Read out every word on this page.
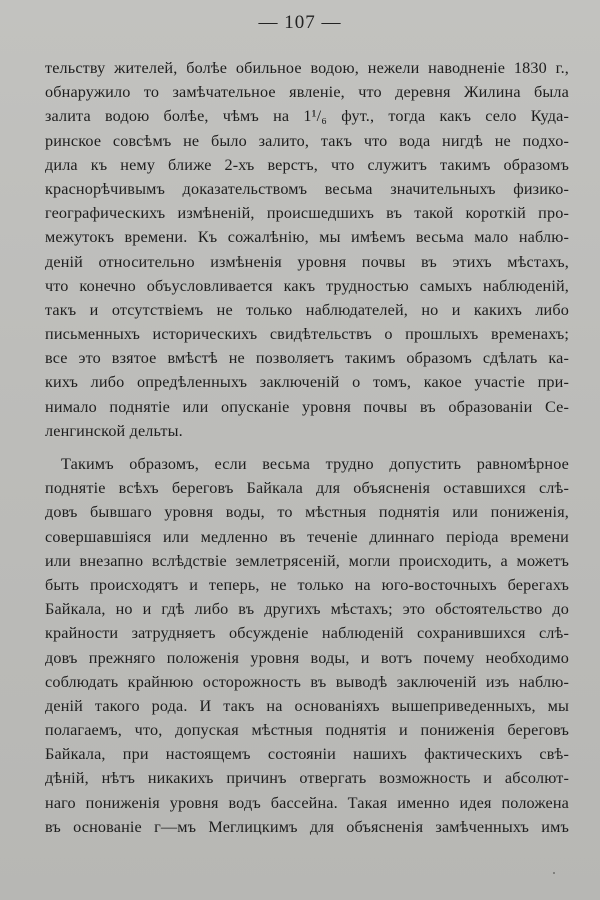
— 107 —
тельству жителей, болѣе обильное водою, нежели наводненіе 1830 г.,
обнаружило то замѣчательное явленіе, что деревня Жилина была
залита водою болѣе, чѣмъ на 1¹/₆ фут., тогда какъ село Куда-
ринское совсѣмъ не было залито, такъ что вода нигдѣ не подхо-
дила къ нему ближе 2-хъ верстъ, что служитъ такимъ образомъ
краснорѣчивымъ доказательствомъ весьма значительныхъ физико-
географическихъ измѣненій, происшедшихъ въ такой короткій про-
межутокъ времени. Къ сожалѣнію, мы имѣемъ весьма мало наблю-
деній относительно измѣненія уровня почвы въ этихъ мѣстахъ,
что конечно объусловливается какъ трудностью самыхъ наблюденій,
такъ и отсутствіемъ не только наблюдателей, но и какихъ либо
письменныхъ историческихъ свидѣтельствъ о прошлыхъ временахъ;
все это взятое вмѣстѣ не позволяетъ такимъ образомъ сдѣлать ка-
кихъ либо опредѣленныхъ заключеній о томъ, какое участіе при-
нимало поднятіе или опусканіе уровня почвы въ образованіи Се-
ленгинской дельты.
Такимъ образомъ, если весьма трудно допустить равномѣрное
поднятіе всѣхъ береговъ Байкала для объясненія оставшихся слѣ-
довъ бывшаго уровня воды, то мѣстныя поднятія или пониженія,
совершавшіяся или медленно въ теченіе длиннаго періода времени
или внезапно вслѣдствіе землетрясеній, могли происходить, а можетъ
быть происходятъ и теперь, не только на юго-восточныхъ берегахъ
Байкала, но и гдѣ либо въ другихъ мѣстахъ; это обстоятельство до
крайности затрудняетъ обсужденіе наблюденій сохранившихся слѣ-
довъ прежняго положенія уровня воды, и вотъ почему необходимо
соблюдать крайнюю осторожность въ выводѣ заключеній изъ наблю-
деній такого рода. И такъ на основаніяхъ вышеприведенныхъ, мы
полагаемъ, что, допуская мѣстныя поднятія и пониженія береговъ
Байкала, при настоящемъ состояніи нашихъ фактическихъ свѣ-
дѣній, нѣтъ никакихъ причинъ отвергать возможность и абсолют-
наго пониженія уровня водъ бассейна. Такая именно идея положена
въ основаніе г—мъ Меглицкимъ для объясненія замѣченныхъ имъ
